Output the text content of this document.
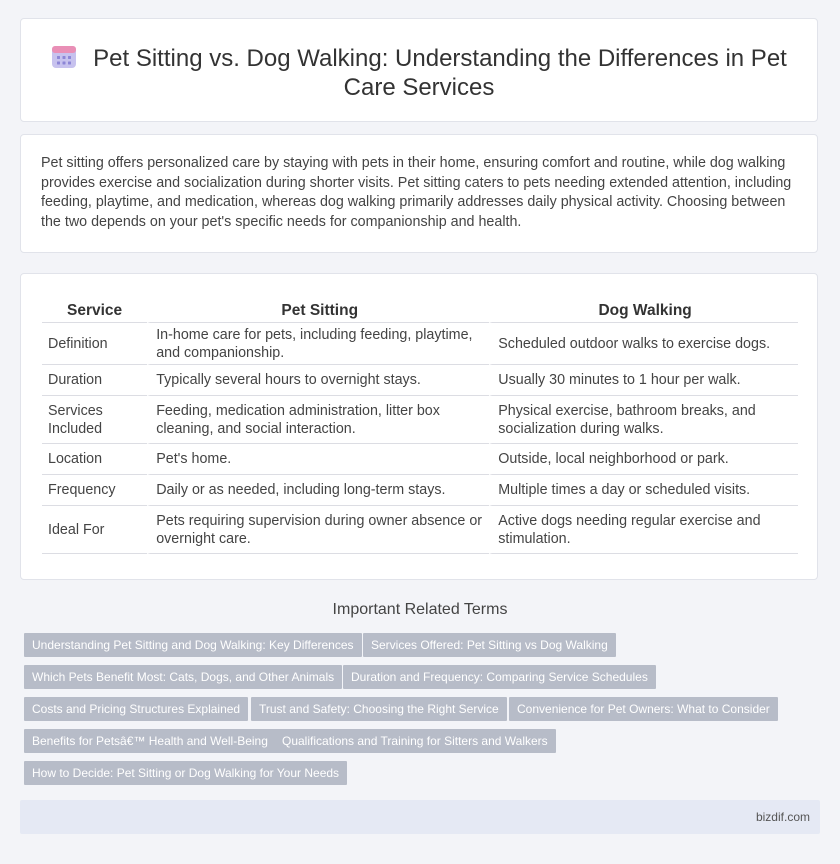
Pet Sitting vs. Dog Walking: Understanding the Differences in Pet Care Services

Pet sitting offers personalized care by staying with pets in their home, ensuring comfort and routine, while dog walking provides exercise and socialization during shorter visits. Pet sitting caters to pets needing extended attention, including feeding, playtime, and medication, whereas dog walking primarily addresses daily physical activity. Choosing between the two depends on your pet's specific needs for companionship and health.

Service	Pet Sitting	Dog Walking
Definition	In-home care for pets, including feeding, playtime, and companionship.	Scheduled outdoor walks to exercise dogs.
Duration	Typically several hours to overnight stays.	Usually 30 minutes to 1 hour per walk.
Services Included	Feeding, medication administration, litter box cleaning, and social interaction.	Physical exercise, bathroom breaks, and socialization during walks.
Location	Pet's home.	Outside, local neighborhood or park.
Frequency	Daily or as needed, including long-term stays.	Multiple times a day or scheduled visits.
Ideal For	Pets requiring supervision during owner absence or overnight care.	Active dogs needing regular exercise and stimulation.
Important Related Terms
Understanding Pet Sitting and Dog Walking: Key Differences	Services Offered: Pet Sitting vs Dog Walking
Which Pets Benefit Most: Cats, Dogs, and Other Animals	Duration and Frequency: Comparing Service Schedules
Costs and Pricing Structures Explained	Trust and Safety: Choosing the Right Service	Convenience for Pet Owners: What to Consider
Benefits for Petsâ€™ Health and Well-Being	Qualifications and Training for Sitters and Walkers
How to Decide: Pet Sitting or Dog Walking for Your Needs
bizdif.com
